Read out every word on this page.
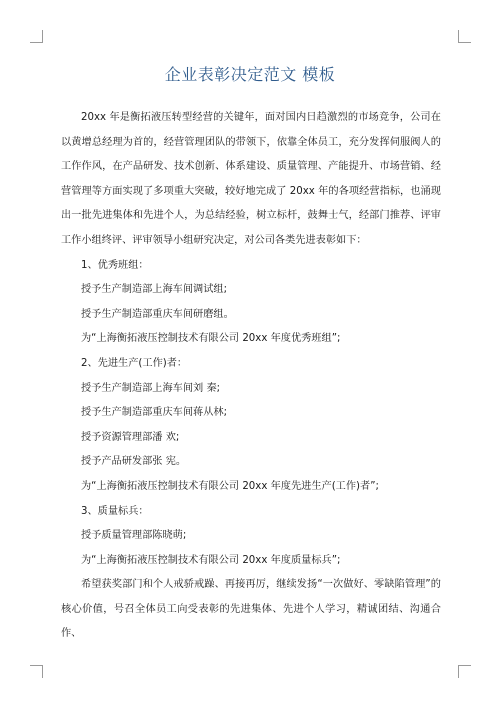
企业表彰决定范文 模板

20xx 年是衡拓液压转型经营的关键年，面对国内日趋激烈的市场竞争，公司在以黄增总经理为首的，经营管理团队的带领下，依靠全体员工，充分发挥伺服阀人的工作作风，在产品研发、技术创新、体系建设、质量管理、产能提升、市场营销、经营管理等方面实现了多项重大突破，较好地完成了 20xx 年的各项经营指标，也涌现出一批先进集体和先进个人，为总结经验，树立标杆，鼓舞士气，经部门推荐、评审工作小组终评、评审领导小组研究决定，对公司各类先进表彰如下：

1、优秀班组：

授予生产制造部上海车间调试组;

授予生产制造部重庆车间研磨组。

为“上海衡拓液压控制技术有限公司 20xx 年度优秀班组”;

2、先进生产(工作)者：

授予生产制造部上海车间刘 秦;

授予生产制造部重庆车间蒋从林;

授予资源管理部潘 欢;

授予产品研发部张 宪。

为“上海衡拓液压控制技术有限公司 20xx 年度先进生产(工作)者”;

3、质量标兵：

授予质量管理部陈晓萌;

为“上海衡拓液压控制技术有限公司 20xx 年度质量标兵”;

希望获奖部门和个人戒骄戒躁、再接再厉，继续发扬“一次做好、零缺陷管理”的核心价值，号召全体员工向受表彰的先进集体、先进个人学习，精诚团结、沟通合作、
